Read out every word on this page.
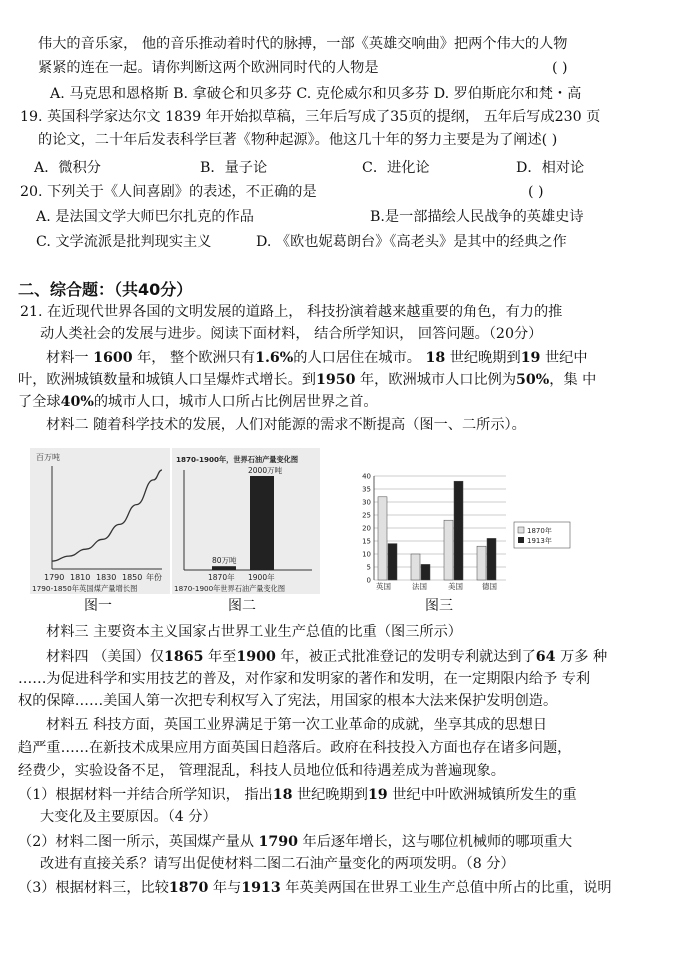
伟大的音乐家， 他的音乐推动着时代的脉搏，一部《英雄交响曲》把两个伟大的人物
紧紧的连在一起。请你判断这两个欧洲同时代的人物是	( )
A. 马克思和恩格斯 B. 拿破仑和贝多芬 C. 克伦威尔和贝多芬 D. 罗伯斯庇尔和梵・高
19. 英国科学家达尔文 1839 年开始拟草稿，三年后写成了35页的提纲， 五年后写成230 页
的论文，二十年后发表科学巨著《物种起源》。他这几十年的努力主要是为了阐述( )
A．微积分	B．量子论	C．进化论	D．相对论
20. 下列关于《人间喜剧》的表述，不正确的是	( )
A. 是法国文学大师巴尔扎克的作品	B.是一部描绘人民战争的英雄史诗
C. 文学流派是批判现实主义	D. 《欧也妮葛朗台》《高老头》是其中的经典之作
二、综合题：（共40分）
21. 在近现代世界各国的文明发展的道路上， 科技扮演着越来越重要的角色，有力的推
动人类社会的发展与进步。阅读下面材料， 结合所学知识， 回答问题。（20分）
材料一 1600 年， 整个欧洲只有1.6%的人口居住在城市。 18 世纪晚期到19 世纪中
叶，欧洲城镇数量和城镇人口呈爆炸式增长。到1950 年，欧洲城市人口比例为50%，集 中
了全球40%的城市人口，城市人口所占比例居世界之首。
材料二 随着科学技术的发展，人们对能源的需求不断提高（图一、二所示）。
百万吨
1790 1810 1830 1850 年份
1790-1850年英国煤产量增长图
图一
1870-1900年，世界石油产量变化图
80万吨
2000万吨
1870年 1900年
1870-1900年世界石油产量变化图
图二
0
5
10
15
20
25
30
35
40
英国	法国	美国	德国
1870年
1913年
图三
材料三 主要资本主义国家占世界工业生产总值的比重（图三所示）
材料四 （美国）仅1865 年至1900 年，被正式批准登记的发明专利就达到了64 万多 种
……为促进科学和实用技艺的普及，对作家和发明家的著作和发明，在一定期限内给予 专利
权的保障……美国人第一次把专利权写入了宪法，用国家的根本大法来保护发明创造。
材料五 科技方面，英国工业界满足于第一次工业革命的成就，坐享其成的思想日
趋严重……在新技术成果应用方面英国日趋落后。政府在科技投入方面也存在诸多问题，
经费少，实验设备不足， 管理混乱，科技人员地位低和待遇差成为普遍现象。
（1）根据材料一并结合所学知识， 指出18 世纪晚期到19 世纪中叶欧洲城镇所发生的重
大变化及主要原因。（4 分）
（2）材料二图一所示，英国煤产量从 1790 年后逐年增长，这与哪位机械师的哪项重大
改进有直接关系？请写出促使材料二图二石油产量变化的两项发明。（8 分）
（3）根据材料三，比较1870 年与1913 年英美两国在世界工业生产总值中所占的比重，说明
